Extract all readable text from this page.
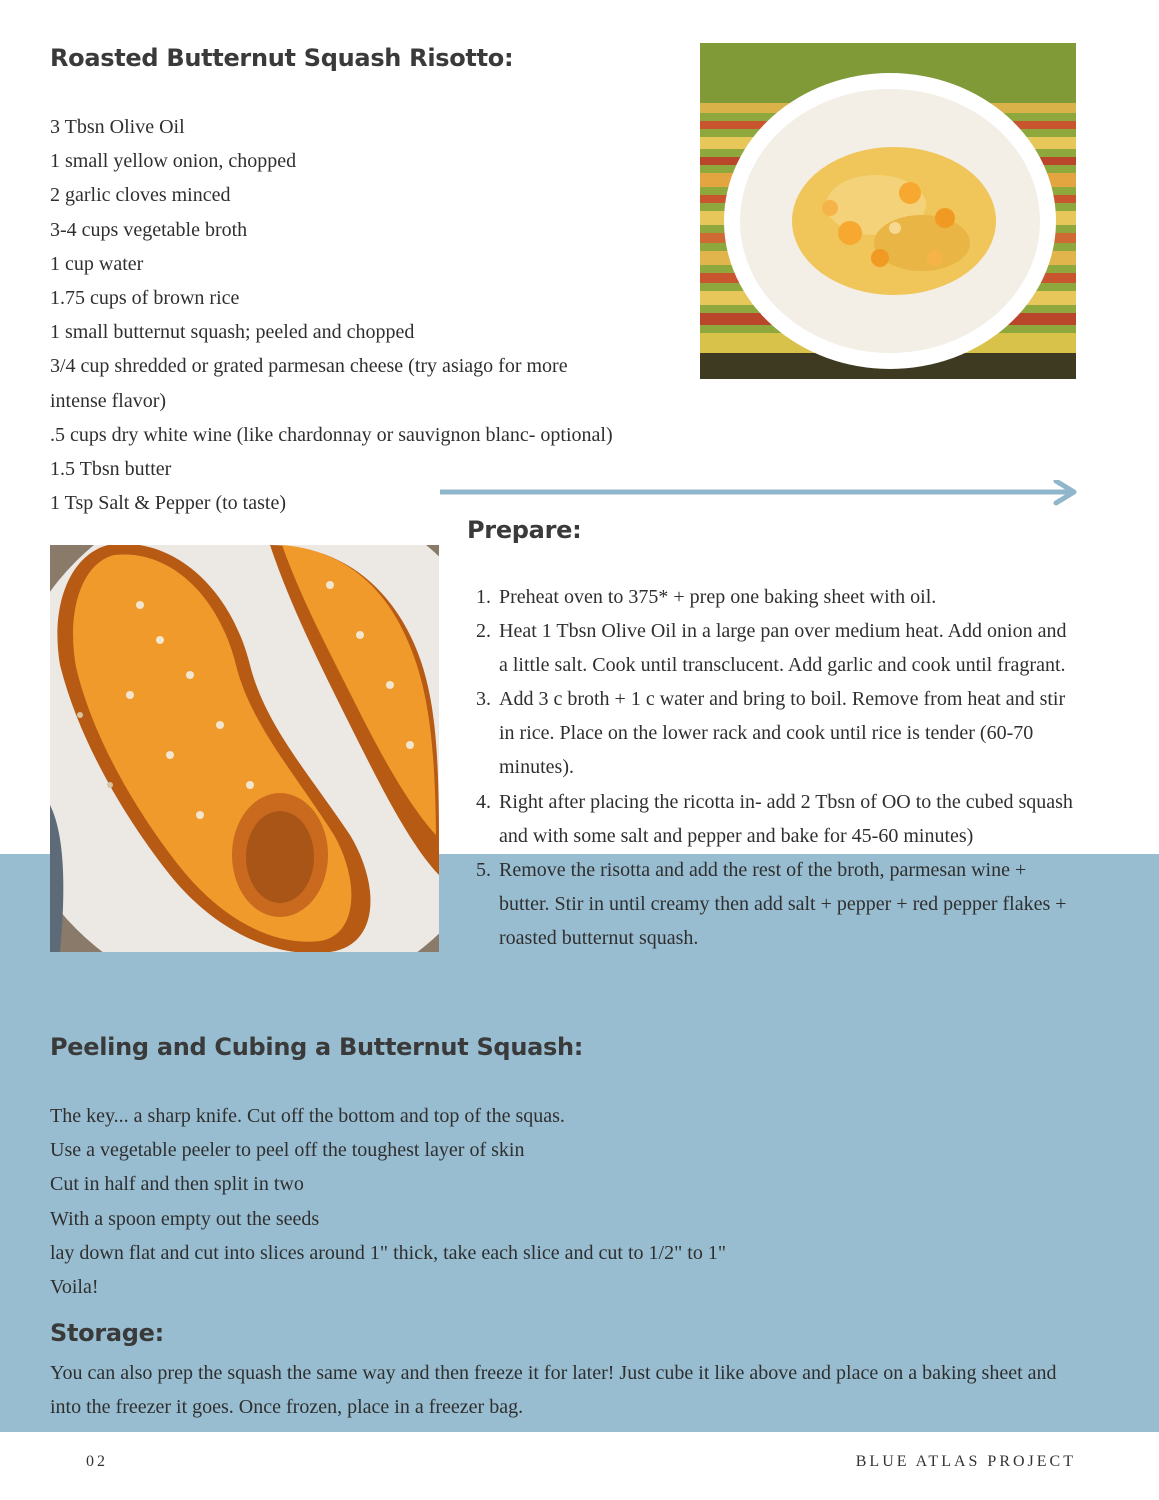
Roasted Butternut Squash Risotto:
3 Tbsn Olive Oil
1 small yellow onion, chopped
2 garlic cloves minced
3-4 cups vegetable broth
1 cup water
1.75 cups of brown rice
1 small butternut squash; peeled and chopped
3/4 cup shredded or grated parmesan cheese (try asiago for more
intense flavor)
.5 cups dry white wine (like chardonnay or sauvignon blanc- optional)
1.5 Tbsn butter
1 Tsp Salt & Pepper (to taste)
Prepare:
1. Preheat oven to 375* + prep one baking sheet with oil.
2. Heat 1 Tbsn Olive Oil in a large pan over medium heat. Add onion and a little salt. Cook until transclucent. Add garlic and cook until fragrant.
3. Add 3 c broth + 1 c water and bring to boil. Remove from heat and stir in rice. Place on the lower rack and cook until rice is tender (60-70 minutes).
4. Right after placing the ricotta in- add 2 Tbsn of OO to the cubed squash and with some salt and pepper and bake for 45-60 minutes)
5. Remove the risotta and add the rest of the broth, parmesan wine + butter. Stir in until creamy then add salt + pepper + red pepper flakes + roasted butternut squash.
Peeling and Cubing a Butternut Squash:
The key... a sharp knife. Cut off the bottom and top of the squas.
Use a vegetable peeler to peel off the toughest layer of skin
Cut in half and then split in two
With a spoon empty out the seeds
lay down flat and cut into slices around 1" thick, take each slice and cut to 1/2" to 1"
Voila!
Storage:

You can also prep the squash the same way and then freeze it for later! Just cube it like above and place on a baking sheet and into the freezer it goes. Once frozen, place in a freezer bag.

02	BLUE ATLAS PROJECT
